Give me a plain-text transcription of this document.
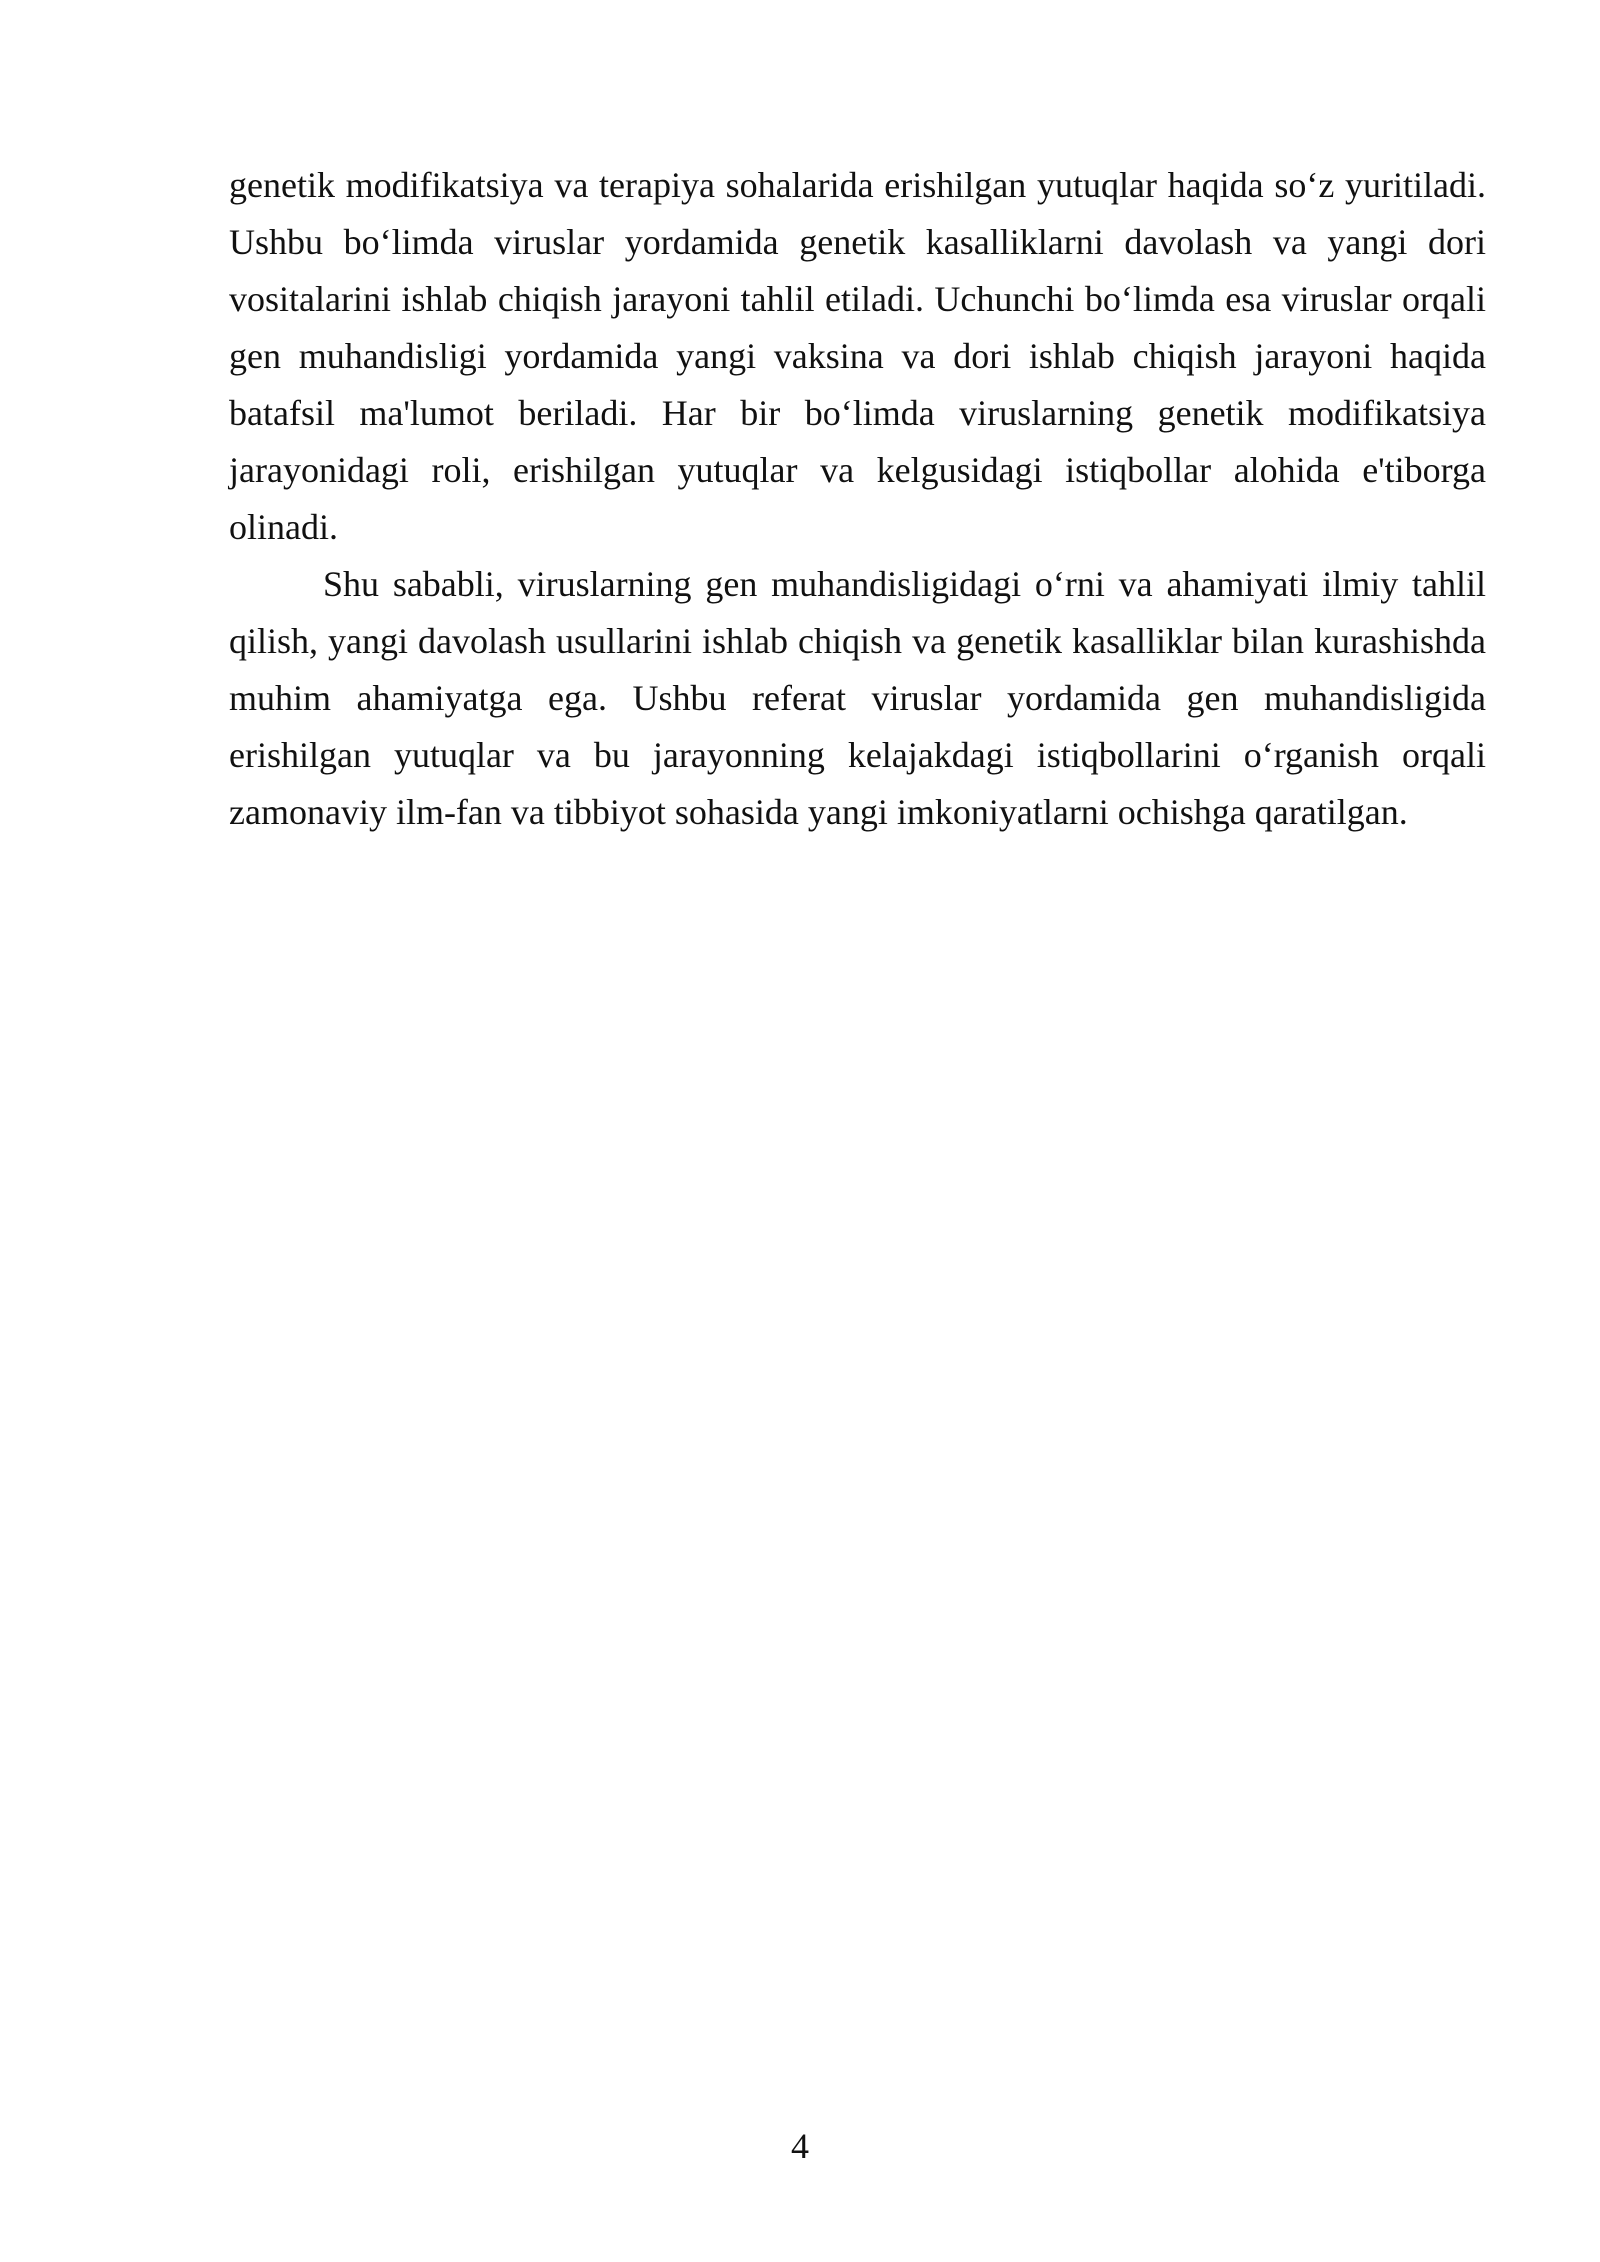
genetik modifikatsiya va terapiya sohalarida erishilgan yutuqlar haqida so‘z yuritiladi. Ushbu bo‘limda viruslar yordamida genetik kasalliklarni davolash va yangi dori vositalarini ishlab chiqish jarayoni tahlil etiladi. Uchunchi bo‘limda esa viruslar orqali gen muhandisligi yordamida yangi vaksina va dori ishlab chiqish jarayoni haqida batafsil ma'lumot beriladi. Har bir bo‘limda viruslarning genetik modifikatsiya jarayonidagi roli, erishilgan yutuqlar va kelgusidagi istiqbollar alohida e'tiborga olinadi.

Shu sababli, viruslarning gen muhandisligidagi o‘rni va ahamiyati ilmiy tahlil qilish, yangi davolash usullarini ishlab chiqish va genetik kasalliklar bilan kurashishda muhim ahamiyatga ega. Ushbu referat viruslar yordamida gen muhandisligida erishilgan yutuqlar va bu jarayonning kelajakdagi istiqbollarini o‘rganish orqali zamonaviy ilm-fan va tibbiyot sohasida yangi imkoniyatlarni ochishga qaratilgan.

4
